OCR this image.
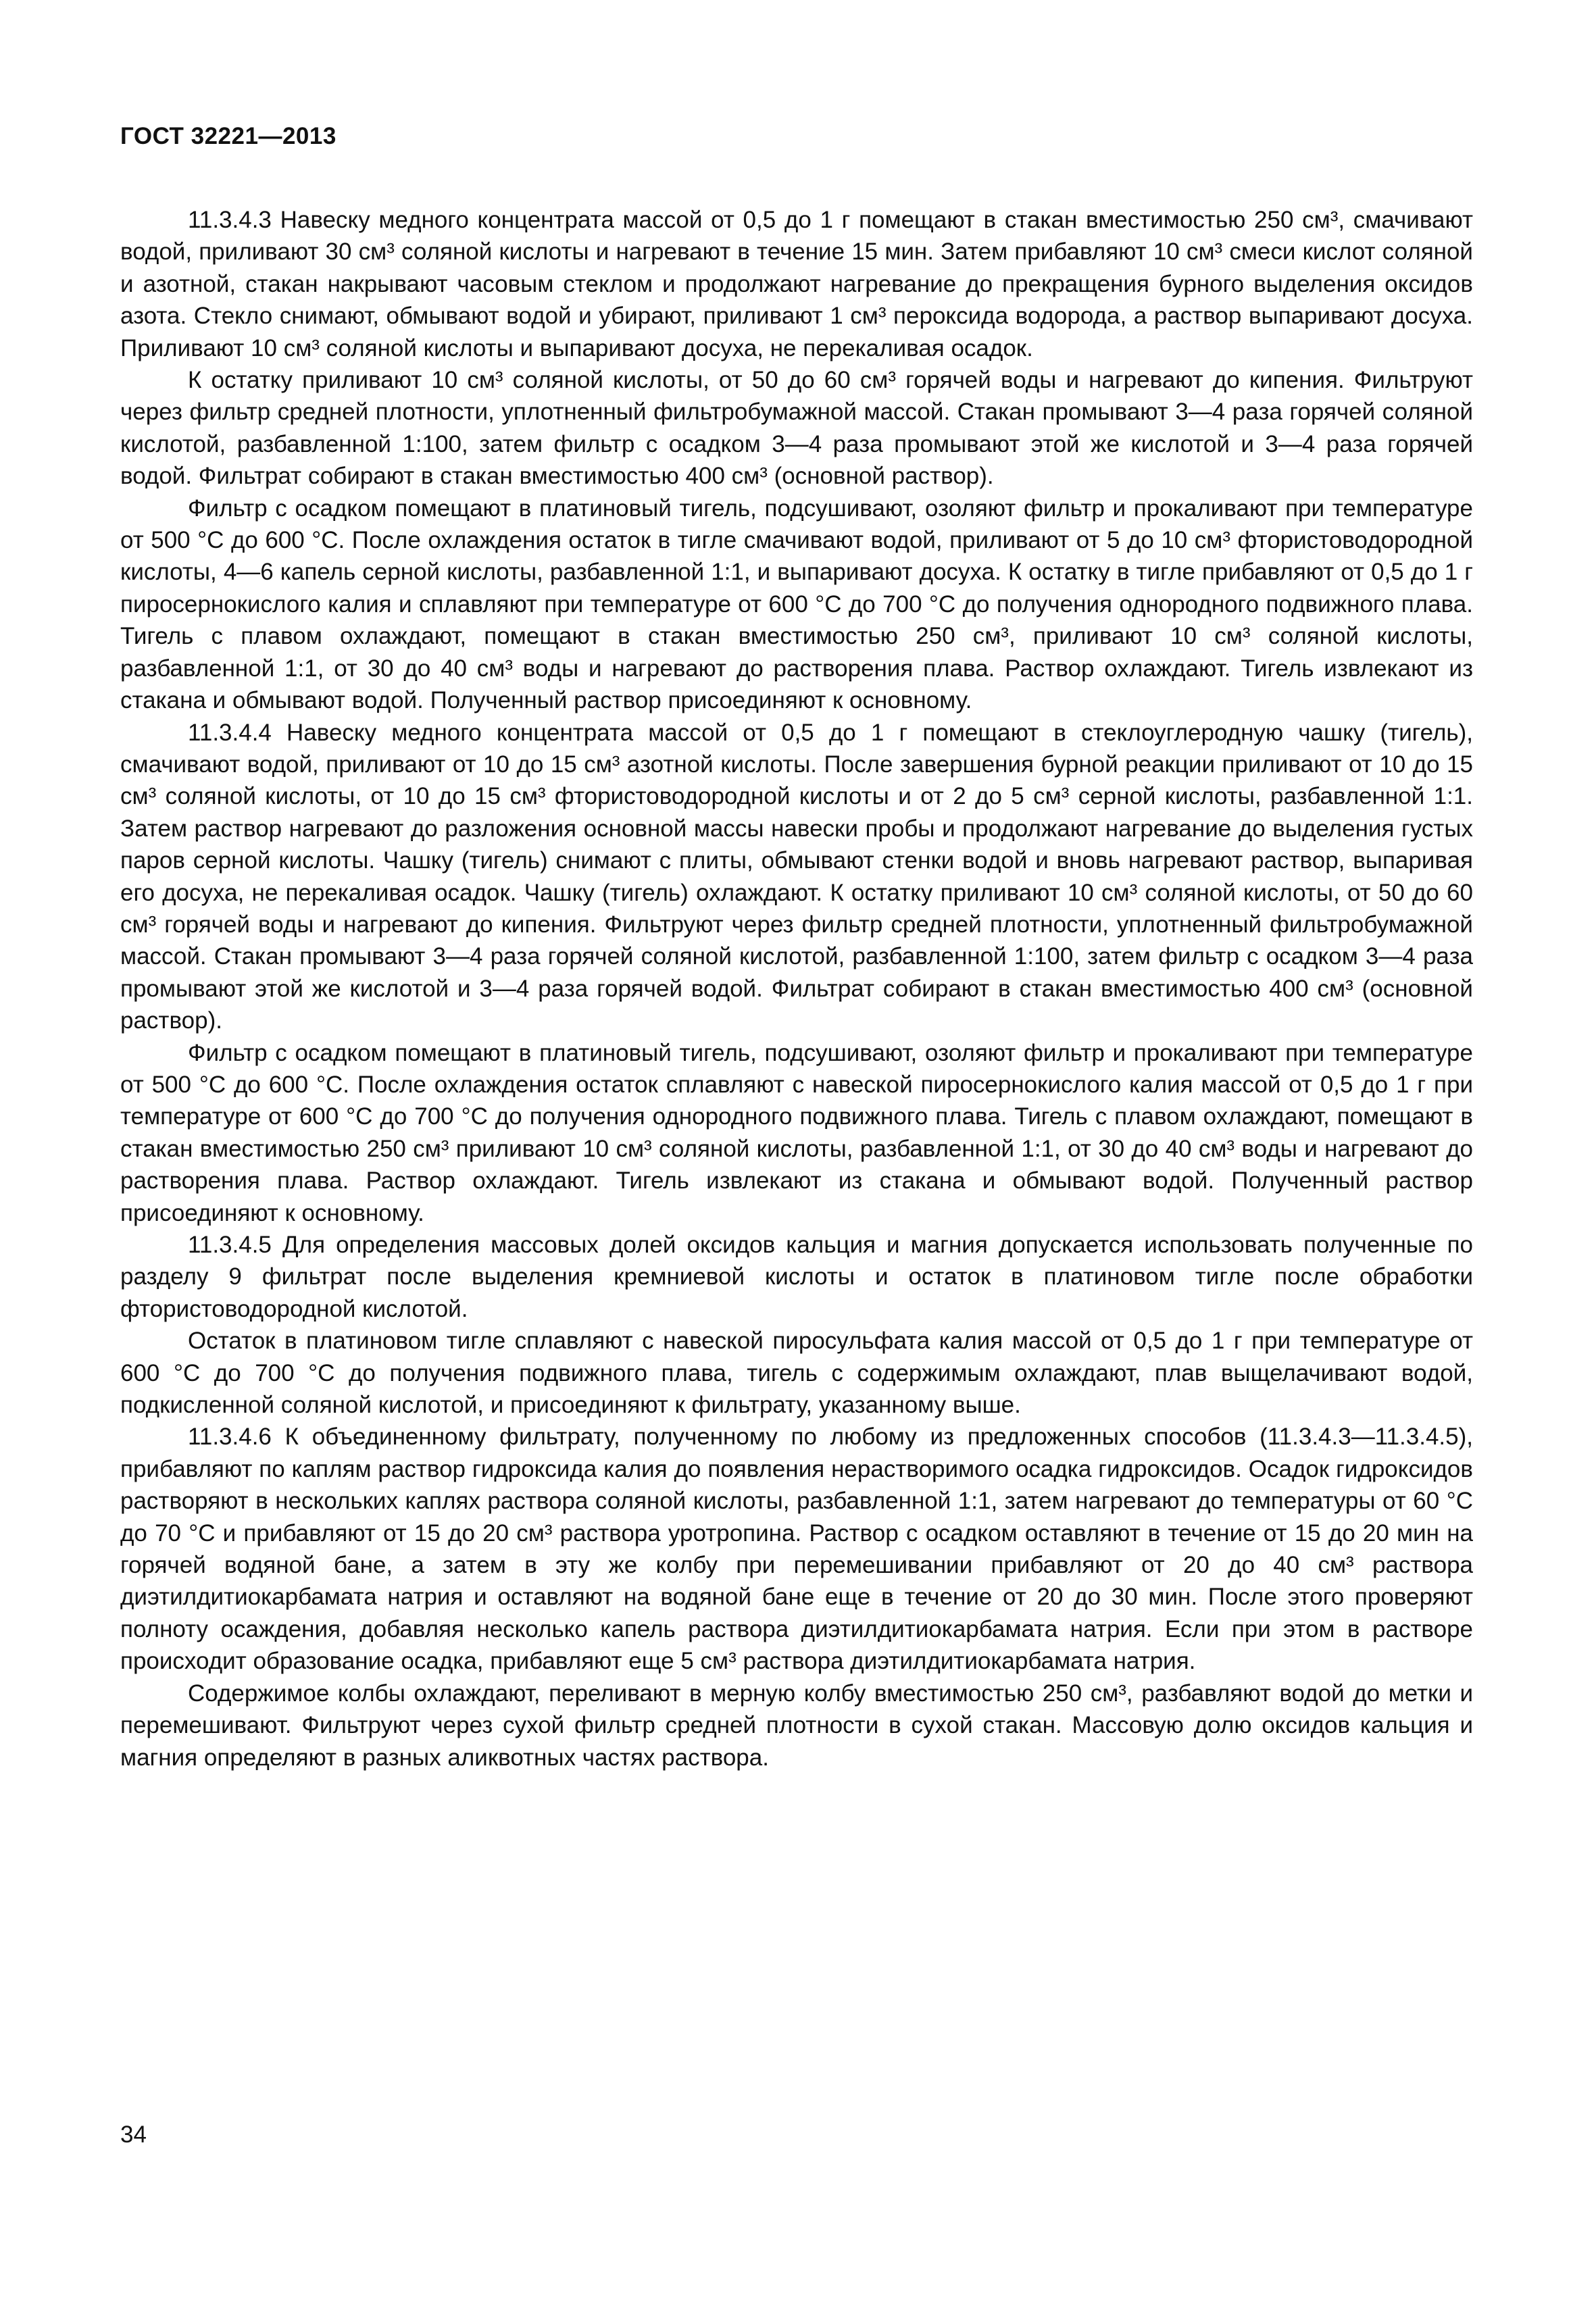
ГОСТ 32221—2013

11.3.4.3 Навеску медного концентрата массой от 0,5 до 1 г помещают в стакан вместимостью 250 см³, смачивают водой, приливают 30 см³ соляной кислоты и нагревают в течение 15 мин. Затем прибавляют 10 см³ смеси кислот соляной и азотной, стакан накрывают часовым стеклом и продолжают нагревание до прекращения бурного выделения оксидов азота. Стекло снимают, обмывают водой и убирают, приливают 1 см³ пероксида водорода, а раствор выпаривают досуха. Приливают 10 см³ соляной кислоты и выпаривают досуха, не перекаливая осадок.

К остатку приливают 10 см³ соляной кислоты, от 50 до 60 см³ горячей воды и нагревают до кипения. Фильтруют через фильтр средней плотности, уплотненный фильтробумажной массой. Стакан промывают 3—4 раза горячей соляной кислотой, разбавленной 1:100, затем фильтр с осадком 3—4 раза промывают этой же кислотой и 3—4 раза горячей водой. Фильтрат собирают в стакан вместимостью 400 см³ (основной раствор).

Фильтр с осадком помещают в платиновый тигель, подсушивают, озоляют фильтр и прокаливают при температуре от 500 °С до 600 °С. После охлаждения остаток в тигле смачивают водой, приливают от 5 до 10 см³ фтористоводородной кислоты, 4—6 капель серной кислоты, разбавленной 1:1, и выпаривают досуха. К остатку в тигле прибавляют от 0,5 до 1 г пиросернокислого калия и сплавляют при температуре от 600 °С до 700 °С до получения однородного подвижного плава. Тигель с плавом охлаждают, помещают в стакан вместимостью 250 см³, приливают 10 см³ соляной кислоты, разбавленной 1:1, от 30 до 40 см³ воды и нагревают до растворения плава. Раствор охлаждают. Тигель извлекают из стакана и обмывают водой. Полученный раствор присоединяют к основному.

11.3.4.4 Навеску медного концентрата массой от 0,5 до 1 г помещают в стеклоуглеродную чашку (тигель), смачивают водой, приливают от 10 до 15 см³ азотной кислоты. После завершения бурной реакции приливают от 10 до 15 см³ соляной кислоты, от 10 до 15 см³ фтористоводородной кислоты и от 2 до 5 см³ серной кислоты, разбавленной 1:1. Затем раствор нагревают до разложения основной массы навески пробы и продолжают нагревание до выделения густых паров серной кислоты. Чашку (тигель) снимают с плиты, обмывают стенки водой и вновь нагревают раствор, выпаривая его досуха, не перекаливая осадок. Чашку (тигель) охлаждают. К остатку приливают 10 см³ соляной кислоты, от 50 до 60 см³ горячей воды и нагревают до кипения. Фильтруют через фильтр средней плотности, уплотненный фильтробумажной массой. Стакан промывают 3—4 раза горячей соляной кислотой, разбавленной 1:100, затем фильтр с осадком 3—4 раза промывают этой же кислотой и 3—4 раза горячей водой. Фильтрат собирают в стакан вместимостью 400 см³ (основной раствор).

Фильтр с осадком помещают в платиновый тигель, подсушивают, озоляют фильтр и прокаливают при температуре от 500 °С до 600 °С. После охлаждения остаток сплавляют с навеской пиросернокислого калия массой от 0,5 до 1 г при температуре от 600 °С до 700 °С до получения однородного подвижного плава. Тигель с плавом охлаждают, помещают в стакан вместимостью 250 см³ приливают 10 см³ соляной кислоты, разбавленной 1:1, от 30 до 40 см³ воды и нагревают до растворения плава. Раствор охлаждают. Тигель извлекают из стакана и обмывают водой. Полученный раствор присоединяют к основному.

11.3.4.5 Для определения массовых долей оксидов кальция и магния допускается использовать полученные по разделу 9 фильтрат после выделения кремниевой кислоты и остаток в платиновом тигле после обработки фтористоводородной кислотой.

Остаток в платиновом тигле сплавляют с навеской пиросульфата калия массой от 0,5 до 1 г при температуре от 600 °С до 700 °С до получения подвижного плава, тигель с содержимым охлаждают, плав выщелачивают водой, подкисленной соляной кислотой, и присоединяют к фильтрату, указанному выше.

11.3.4.6 К объединенному фильтрату, полученному по любому из предложенных способов (11.3.4.3—11.3.4.5), прибавляют по каплям раствор гидроксида калия до появления нерастворимого осадка гидроксидов. Осадок гидроксидов растворяют в нескольких каплях раствора соляной кислоты, разбавленной 1:1, затем нагревают до температуры от 60 °С до 70 °С и прибавляют от 15 до 20 см³ раствора уротропина. Раствор с осадком оставляют в течение от 15 до 20 мин на горячей водяной бане, а затем в эту же колбу при перемешивании прибавляют от 20 до 40 см³ раствора диэтилдитиокарбамата натрия и оставляют на водяной бане еще в течение от 20 до 30 мин. После этого проверяют полноту осаждения, добавляя несколько капель раствора диэтилдитиокарбамата натрия. Если при этом в растворе происходит образование осадка, прибавляют еще 5 см³ раствора диэтилдитиокарбамата натрия.

Содержимое колбы охлаждают, переливают в мерную колбу вместимостью 250 см³, разбавляют водой до метки и перемешивают. Фильтруют через сухой фильтр средней плотности в сухой стакан. Массовую долю оксидов кальция и магния определяют в разных аликвотных частях раствора.

34
